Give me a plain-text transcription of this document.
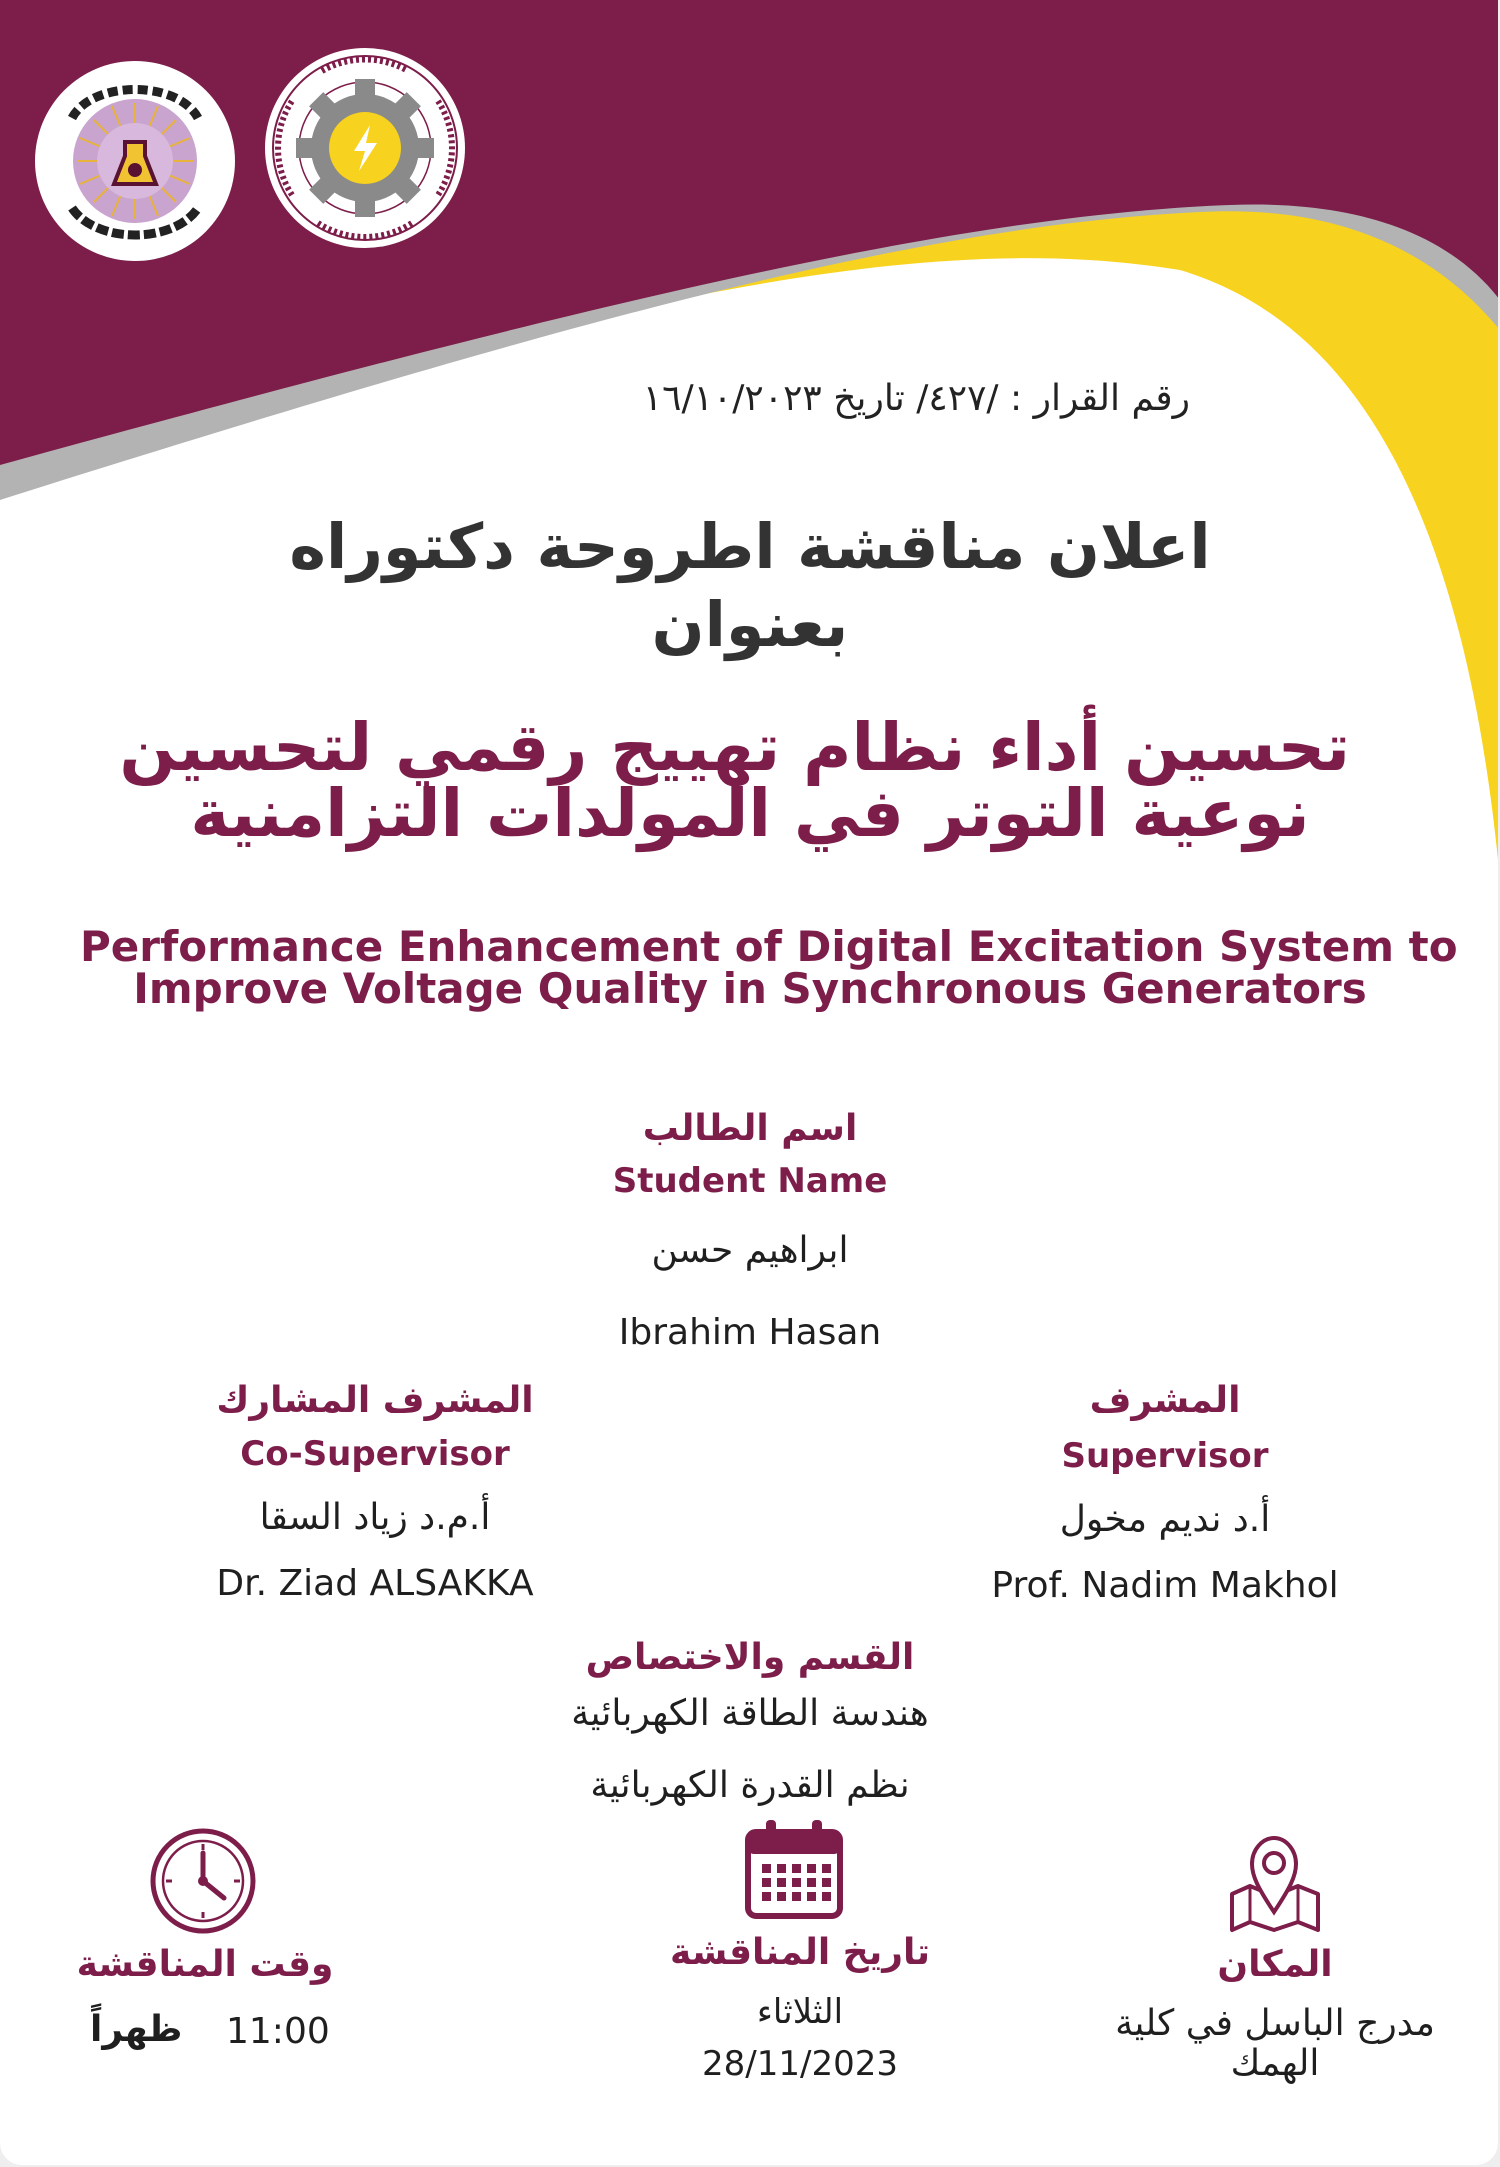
.
رقم القرار : /٤٢٧/ تاريخ ١٦/١٠/٢٠٢٣
اعلان مناقشة اطروحة دكتوراه
بعنوان
تحسين أداء نظام تهييج رقمي لتحسين
نوعية التوتر في المولدات التزامنية
Performance Enhancement of Digital Excitation System to
Improve Voltage Quality in Synchronous Generators
اسم الطالب
Student Name
ابراهيم حسن
Ibrahim Hasan
المشرف المشارك
Co-Supervisor
أ.م.د زياد السقا
Dr. Ziad ALSAKKA
المشرف
Supervisor
أ.د نديم مخول
Prof. Nadim Makhol
القسم والاختصاص
هندسة الطاقة الكهربائية
نظم القدرة الكهربائية
وقت المناقشة
11:00
ظهراً
تاريخ المناقشة
الثلاثاء
28/11/2023
المكان
مدرج الباسل في كلية
الهمك
